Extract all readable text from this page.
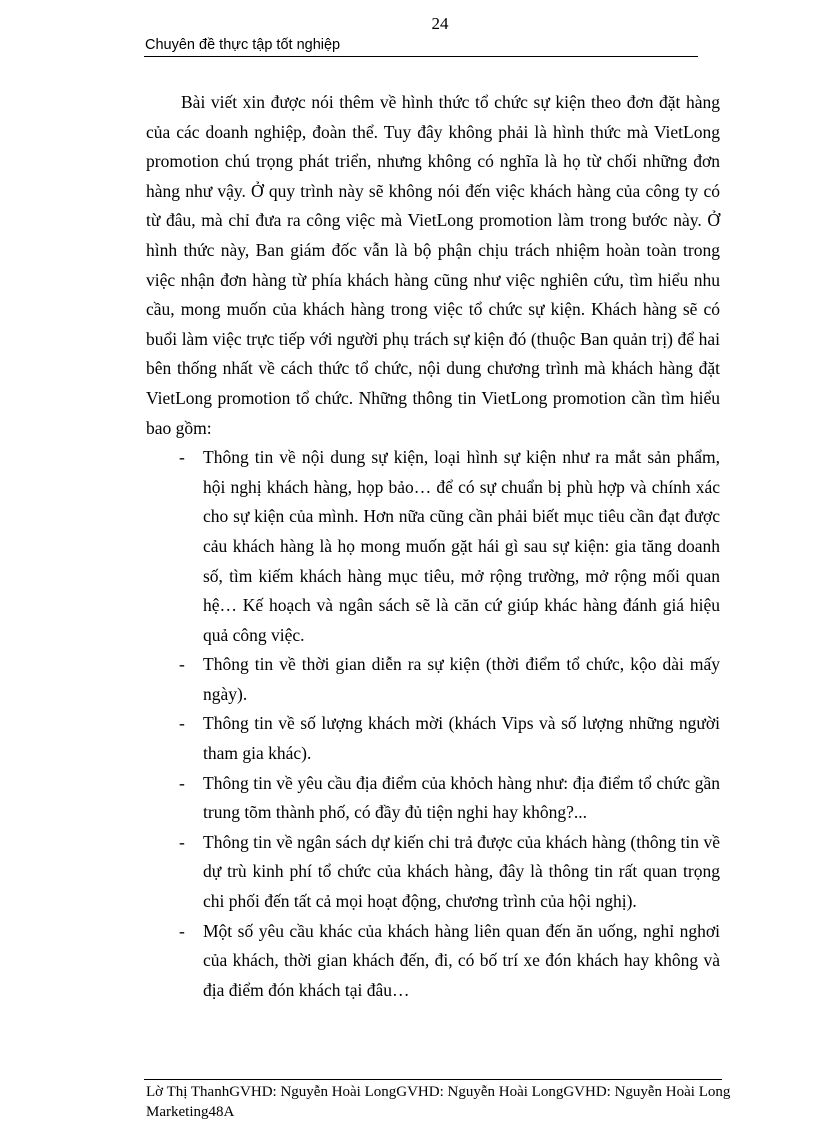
24
Chuyên đề thực tập tốt nghiệp

Bài viết xin được nói thêm về hình thức tổ chức sự kiện theo đơn đặt hàng của các doanh nghiệp, đoàn thể. Tuy đây không phải là hình thức mà VietLong promotion chú trọng phát triển, nhưng không có nghĩa là họ từ chối những đơn hàng như vậy. Ở quy trình này sẽ không nói đến việc khách hàng của công ty có từ đâu, mà chỉ đưa ra công việc mà VietLong promotion làm trong bước này. Ở hình thức này, Ban giám đốc vẫn là bộ phận chịu trách nhiệm hoàn toàn trong việc nhận đơn hàng từ phía khách hàng cũng như việc nghiên cứu, tìm hiểu nhu cầu, mong muốn của khách hàng trong việc tổ chức sự kiện. Khách hàng sẽ có buổi làm việc trực tiếp với người phụ trách sự kiện đó (thuộc Ban quản trị) để hai bên thống nhất về cách thức tổ chức, nội dung chương trình mà khách hàng đặt VietLong promotion tổ chức. Những thông tin VietLong promotion cần tìm hiểu bao gồm:

- Thông tin về nội dung sự kiện, loại hình sự kiện như ra mắt sản phẩm, hội nghị khách hàng, họp bảo… để có sự chuẩn bị phù hợp và chính xác cho sự kiện của mình. Hơn nữa cũng cần phải biết mục tiêu cần đạt được cảu khách hàng là họ mong muốn gặt hái gì sau sự kiện: gia tăng doanh số, tìm kiếm khách hàng mục tiêu, mở rộng trường, mở rộng mối quan hệ… Kế hoạch và ngân sách sẽ là căn cứ giúp khác hàng đánh giá hiệu quả công việc.
- Thông tin về thời gian diễn ra sự kiện (thời điểm tổ chức, kộo dài mấy ngày).
- Thông tin về số lượng khách mời (khách Vips và số lượng những người tham gia khác).
- Thông tin về yêu cầu địa điểm của khỏch hàng như: địa điểm tổ chức gần trung tõm thành phố, có đầy đủ tiện nghi hay không?...
- Thông tin về ngân sách dự kiến chi trả được của khách hàng (thông tin về dự trù kinh phí tổ chức của khách hàng, đây là thông tin rất quan trọng chi phối đến tất cả mọi hoạt động, chương trình của hội nghị).
- Một số yêu cầu khác của khách hàng liên quan đến ăn uống, nghỉ nghơi của khách, thời gian khách đến, đi, có bố trí xe đón khách hay không và địa điểm đón khách tại đâu…
Lờ Thị ThanhGVHD: Nguyễn Hoài LongGVHD: Nguyễn Hoài LongGVHD: Nguyễn Hoài Long
Marketing48A
